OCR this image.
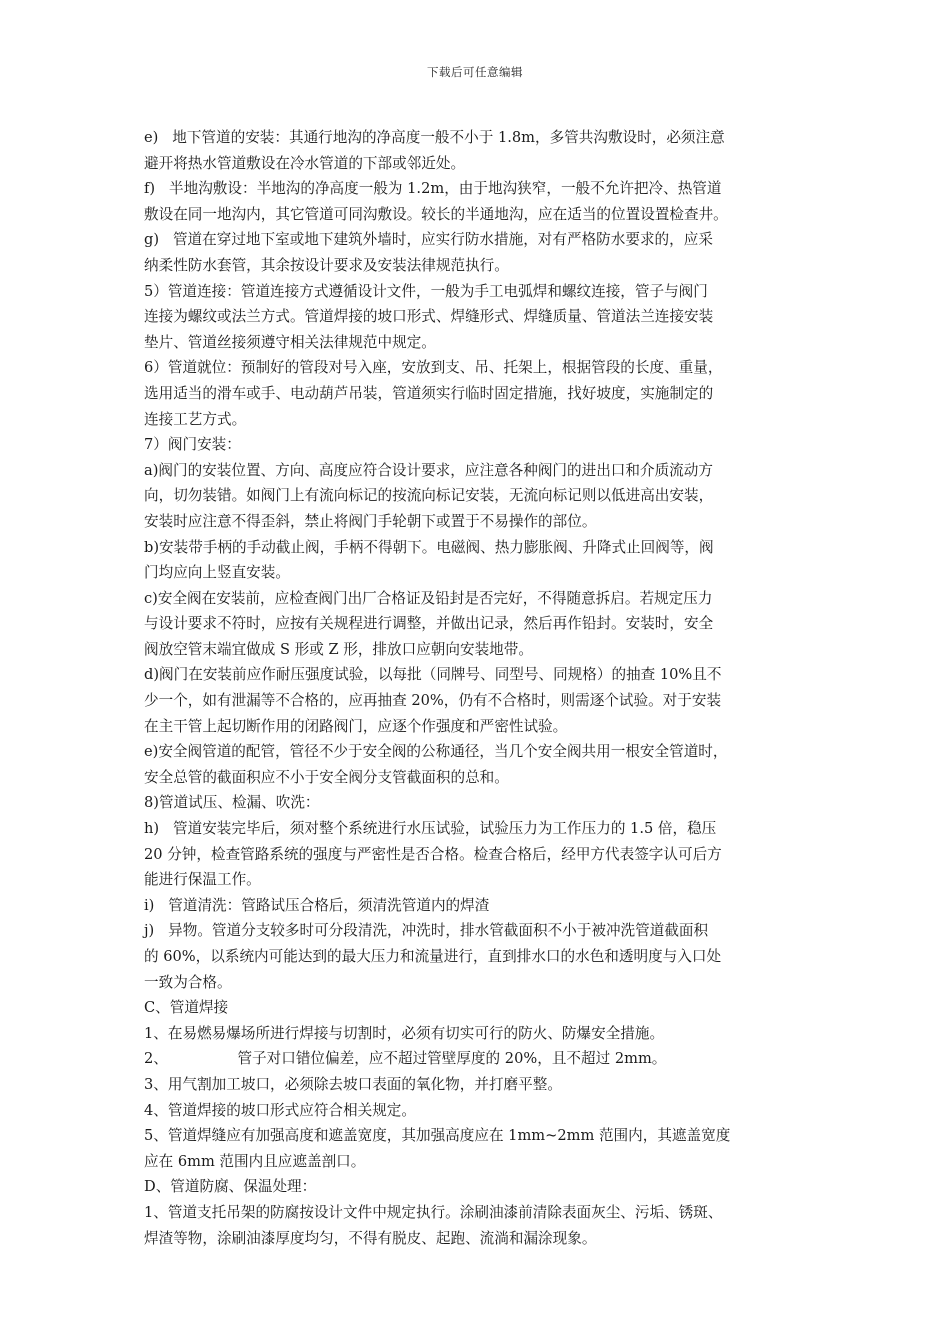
下载后可任意编辑
e)   地下管道的安装：其通行地沟的净高度一般不小于 1.8m，多管共沟敷设时，必须注意
避开将热水管道敷设在冷水管道的下部或邻近处。
f)   半地沟敷设：半地沟的净高度一般为 1.2m，由于地沟狭窄，一般不允许把冷、热管道
敷设在同一地沟内，其它管道可同沟敷设。较长的半通地沟，应在适当的位置设置检查井。
g)   管道在穿过地下室或地下建筑外墙时，应实行防水措施，对有严格防水要求的，应采
纳柔性防水套管，其余按设计要求及安装法律规范执行。
5）管道连接：管道连接方式遵循设计文件，一般为手工电弧焊和螺纹连接，管子与阀门
连接为螺纹或法兰方式。管道焊接的坡口形式、焊缝形式、焊缝质量、管道法兰连接安装
垫片、管道丝接须遵守相关法律规范中规定。
6）管道就位：预制好的管段对号入座，安放到支、吊、托架上，根据管段的长度、重量，
选用适当的滑车或手、电动葫芦吊装，管道须实行临时固定措施，找好坡度，实施制定的
连接工艺方式。
7）阀门安装：
a)阀门的安装位置、方向、高度应符合设计要求，应注意各种阀门的进出口和介质流动方
向，切勿装错。如阀门上有流向标记的按流向标记安装，无流向标记则以低进高出安装，
安装时应注意不得歪斜，禁止将阀门手轮朝下或置于不易操作的部位。
b)安装带手柄的手动截止阀，手柄不得朝下。电磁阀、热力膨胀阀、升降式止回阀等，阀
门均应向上竖直安装。
c)安全阀在安装前，应检查阀门出厂合格证及铅封是否完好，不得随意拆启。若规定压力
与设计要求不符时，应按有关规程进行调整，并做出记录，然后再作铅封。安装时，安全
阀放空管末端宜做成 S 形或 Z 形，排放口应朝向安装地带。
d)阀门在安装前应作耐压强度试验，以每批（同牌号、同型号、同规格）的抽查 10%且不
少一个，如有泄漏等不合格的，应再抽查 20%，仍有不合格时，则需逐个试验。对于安装
在主干管上起切断作用的闭路阀门，应逐个作强度和严密性试验。
e)安全阀管道的配管，管径不少于安全阀的公称通径，当几个安全阀共用一根安全管道时，
安全总管的截面积应不小于安全阀分支管截面积的总和。
8)管道试压、检漏、吹洗：
h)   管道安装完毕后，须对整个系统进行水压试验，试验压力为工作压力的 1.5 倍，稳压
20 分钟，检查管路系统的强度与严密性是否合格。检查合格后，经甲方代表签字认可后方
能进行保温工作。
i)   管道清洗：管路试压合格后，须清洗管道内的焊渣
j)   异物。管道分支较多时可分段清洗，冲洗时，排水管截面积不小于被冲洗管道截面积
的 60%，以系统内可能达到的最大压力和流量进行，直到排水口的水色和透明度与入口处
一致为合格。
C、管道焊接
1、在易燃易爆场所进行焊接与切割时，必须有切实可行的防火、防爆安全措施。
2、               管子对口错位偏差，应不超过管壁厚度的 20%，且不超过 2mm。
3、用气割加工坡口，必须除去坡口表面的氧化物，并打磨平整。
4、管道焊接的坡口形式应符合相关规定。
5、管道焊缝应有加强高度和遮盖宽度，其加强高度应在 1mm~2mm 范围内，其遮盖宽度
应在 6mm 范围内且应遮盖剖口。
D、管道防腐、保温处理：
1、管道支托吊架的防腐按设计文件中规定执行。涂刷油漆前清除表面灰尘、污垢、锈斑、
焊渣等物，涂刷油漆厚度均匀，不得有脱皮、起跑、流淌和漏涂现象。
